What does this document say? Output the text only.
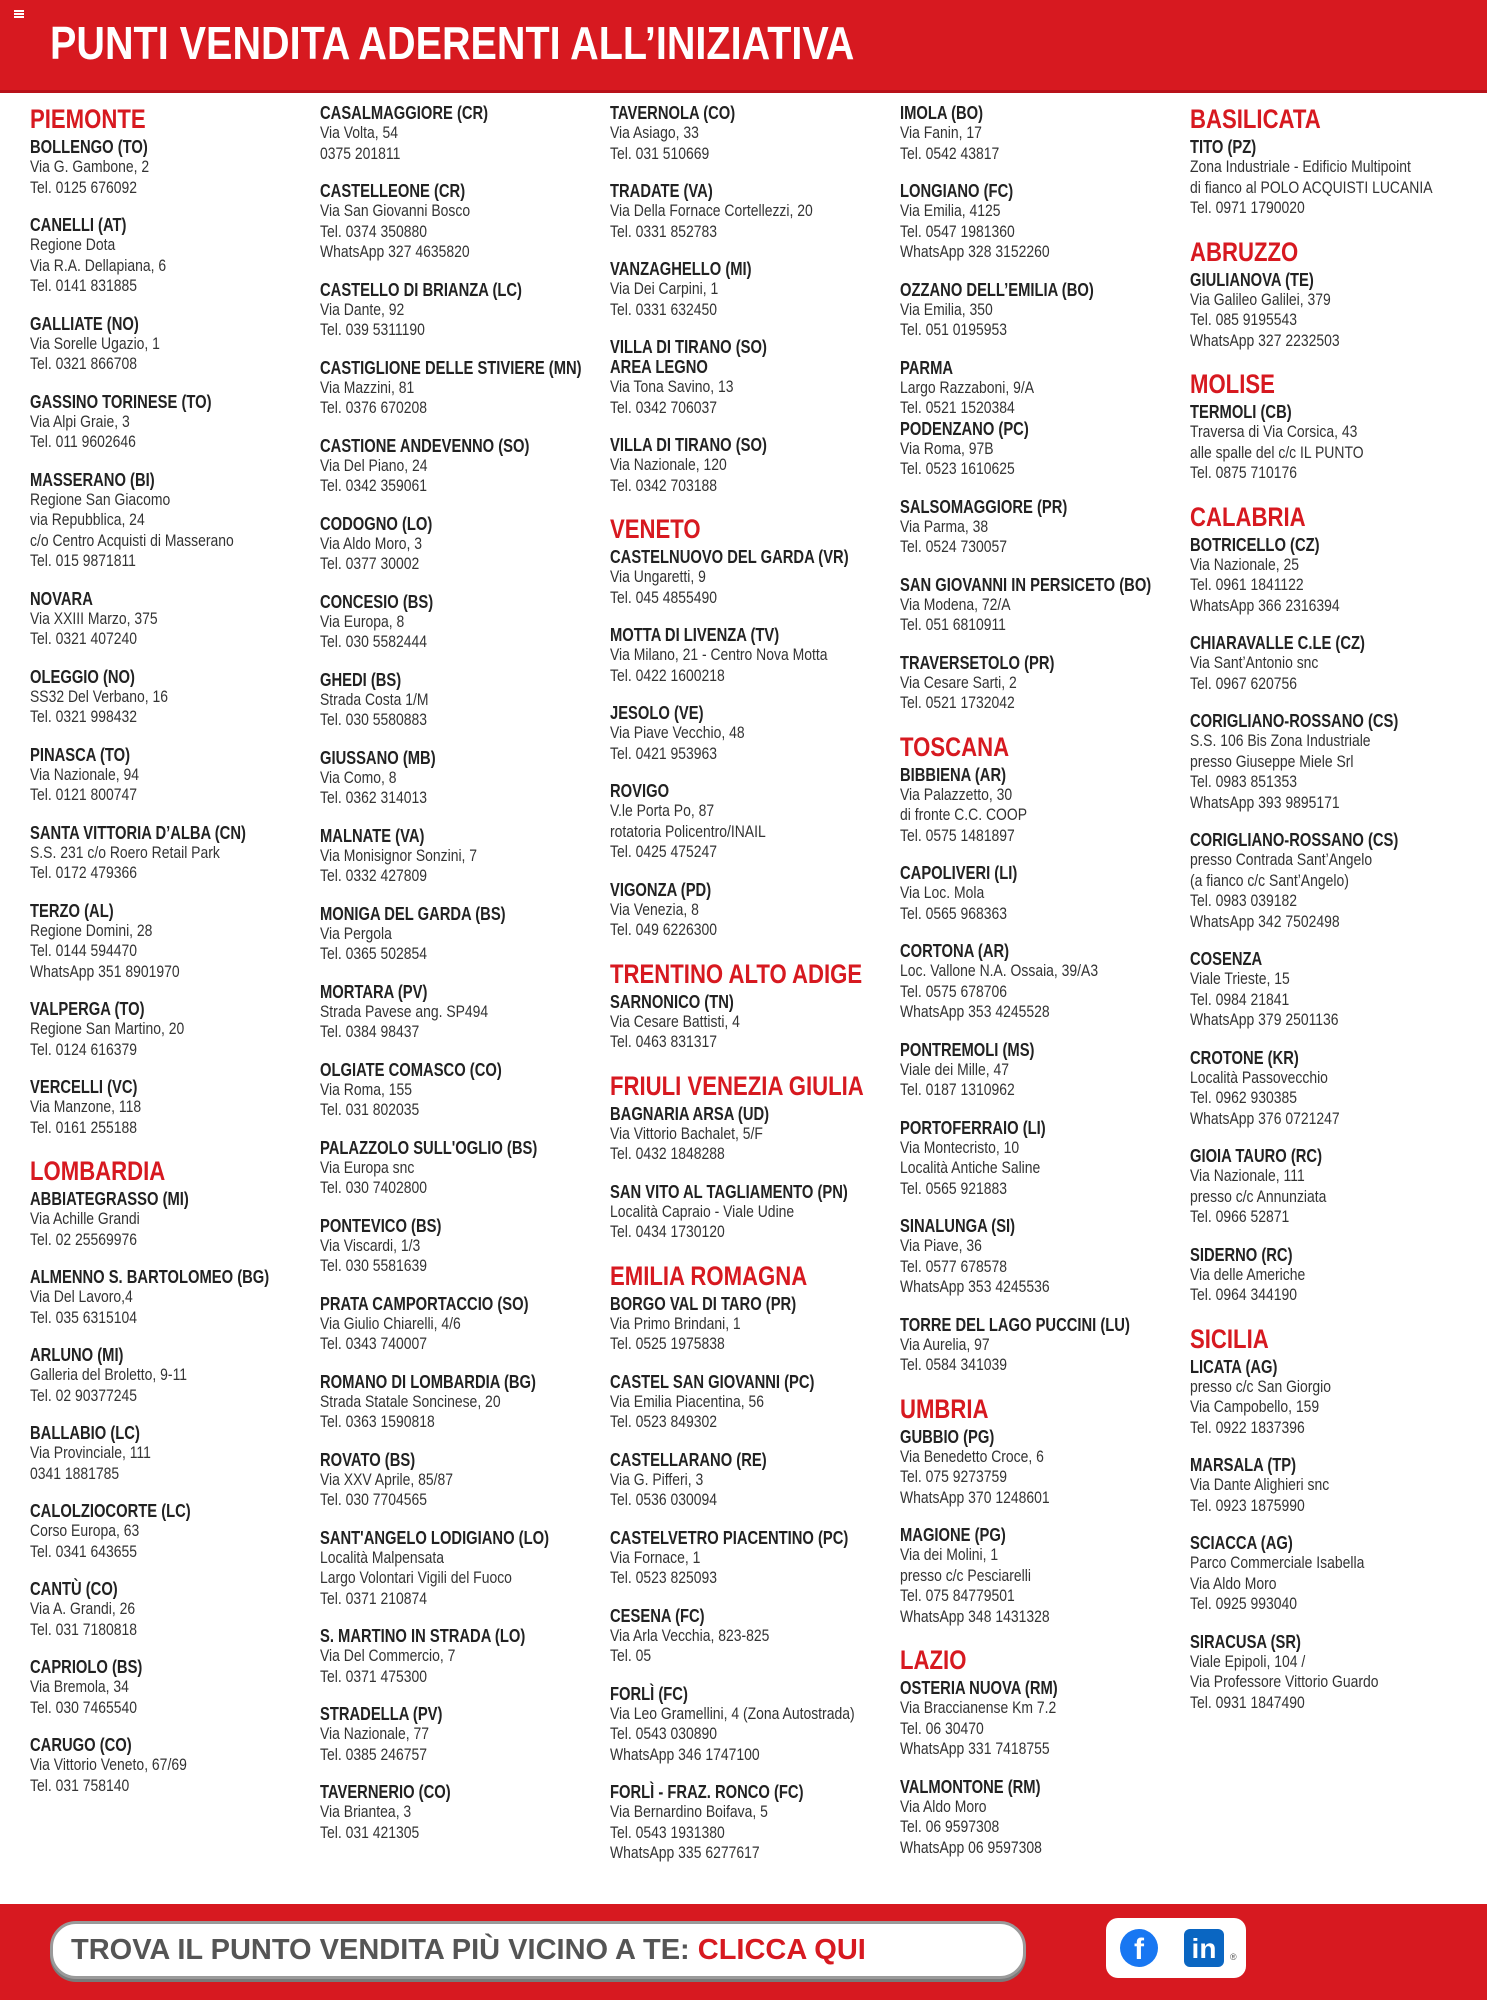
PUNTI VENDITA ADERENTI ALL’INIZIATIVA
PIEMONTE
BOLLENGO (TO)
Via G. Gambone, 2
Tel. 0125 676092
CANELLI (AT)
Regione Dota
Via R.A. Dellapiana, 6
Tel. 0141 831885
GALLIATE (NO)
Via Sorelle Ugazio, 1
Tel. 0321 866708
GASSINO TORINESE (TO)
Via Alpi Graie, 3
Tel. 011 9602646
MASSERANO (BI)
Regione San Giacomo
via Repubblica, 24
c/o Centro Acquisti di Masserano
Tel. 015 9871811
NOVARA
Via XXIII Marzo, 375
Tel. 0321 407240
OLEGGIO (NO)
SS32 Del Verbano, 16
Tel. 0321 998432
PINASCA (TO)
Via Nazionale, 94
Tel. 0121 800747
SANTA VITTORIA D’ALBA (CN)
S.S. 231 c/o Roero Retail Park
Tel. 0172 479366
TERZO (AL)
Regione Domini, 28
Tel. 0144 594470
WhatsApp 351 8901970
VALPERGA (TO)
Regione San Martino, 20
Tel. 0124 616379
VERCELLI (VC)
Via Manzone, 118
Tel. 0161 255188
LOMBARDIA
ABBIATEGRASSO (MI)
Via Achille Grandi
Tel. 02 25569976
ALMENNO S. BARTOLOMEO (BG)
Via Del Lavoro,4
Tel. 035 6315104
ARLUNO (MI)
Galleria del Broletto, 9-11
Tel. 02 90377245
BALLABIO (LC)
Via Provinciale, 111
0341 1881785
CALOLZIOCORTE (LC)
Corso Europa, 63
Tel. 0341 643655
CANTÙ (CO)
Via A. Grandi, 26
Tel. 031 7180818
CAPRIOLO (BS)
Via Bremola, 34
Tel. 030 7465540
CARUGO (CO)
Via Vittorio Veneto, 67/69
Tel. 031 758140
CASALMAGGIORE (CR)
Via Volta, 54
0375 201811
CASTELLEONE (CR)
Via San Giovanni Bosco
Tel. 0374 350880
WhatsApp 327 4635820
CASTELLO DI BRIANZA (LC)
Via Dante, 92
Tel. 039 5311190
CASTIGLIONE DELLE STIVIERE (MN)
Via Mazzini, 81
Tel. 0376 670208
CASTIONE ANDEVENNO (SO)
Via Del Piano, 24
Tel. 0342 359061
CODOGNO (LO)
Via Aldo Moro, 3
Tel. 0377 30002
CONCESIO (BS)
Via Europa, 8
Tel. 030 5582444
GHEDI (BS)
Strada Costa 1/M
Tel. 030 5580883
GIUSSANO (MB)
Via Como, 8
Tel. 0362 314013
MALNATE (VA)
Via Monisignor Sonzini, 7
Tel. 0332 427809
MONIGA DEL GARDA (BS)
Via Pergola
Tel. 0365 502854
MORTARA (PV)
Strada Pavese ang. SP494
Tel. 0384 98437
OLGIATE COMASCO (CO)
Via Roma, 155
Tel. 031 802035
PALAZZOLO SULL'OGLIO (BS)
Via Europa snc
Tel. 030 7402800
PONTEVICO (BS)
Via Viscardi, 1/3
Tel. 030 5581639
PRATA CAMPORTACCIO (SO)
Via Giulio Chiarelli, 4/6
Tel. 0343 740007
ROMANO DI LOMBARDIA (BG)
Strada Statale Soncinese, 20
Tel. 0363 1590818
ROVATO (BS)
Via XXV Aprile, 85/87
Tel. 030 7704565
SANT'ANGELO LODIGIANO (LO)
Località Malpensata
Largo Volontari Vigili del Fuoco
Tel. 0371 210874
S. MARTINO IN STRADA (LO)
Via Del Commercio, 7
Tel. 0371 475300
STRADELLA (PV)
Via Nazionale, 77
Tel. 0385 246757
TAVERNERIO (CO)
Via Briantea, 3
Tel. 031 421305
TAVERNOLA (CO)
Via Asiago, 33
Tel. 031 510669
TRADATE (VA)
Via Della Fornace Cortellezzi, 20
Tel. 0331 852783
VANZAGHELLO (MI)
Via Dei Carpini, 1
Tel. 0331 632450
VILLA DI TIRANO (SO)
AREA LEGNO
Via Tona Savino, 13
Tel. 0342 706037
VILLA DI TIRANO (SO)
Via Nazionale, 120
Tel. 0342 703188
VENETO
CASTELNUOVO DEL GARDA (VR)
Via Ungaretti, 9
Tel. 045 4855490
MOTTA DI LIVENZA (TV)
Via Milano, 21 - Centro Nova Motta
Tel. 0422 1600218
JESOLO (VE)
Via Piave Vecchio, 48
Tel. 0421 953963
ROVIGO
V.le Porta Po, 87
rotatoria Policentro/INAIL
Tel. 0425 475247
VIGONZA (PD)
Via Venezia, 8
Tel. 049 6226300
TRENTINO ALTO ADIGE
SARNONICO (TN)
Via Cesare Battisti, 4
Tel. 0463 831317
FRIULI VENEZIA GIULIA
BAGNARIA ARSA (UD)
Via Vittorio Bachalet, 5/F
Tel. 0432 1848288
SAN VITO AL TAGLIAMENTO (PN)
Località Capraio - Viale Udine
Tel. 0434 1730120
EMILIA ROMAGNA
BORGO VAL DI TARO (PR)
Via Primo Brindani, 1
Tel. 0525 1975838
CASTEL SAN GIOVANNI (PC)
Via Emilia Piacentina, 56
Tel. 0523 849302
CASTELLARANO (RE)
Via G. Pifferi, 3
Tel. 0536 030094
CASTELVETRO PIACENTINO (PC)
Via Fornace, 1
Tel. 0523 825093
CESENA (FC)
Via Arla Vecchia, 823-825
Tel. 05
FORLÌ (FC)
Via Leo Gramellini, 4 (Zona Autostrada)
Tel. 0543 030890
WhatsApp 346 1747100
FORLÌ - FRAZ. RONCO (FC)
Via Bernardino Boifava, 5
Tel. 0543 1931380
WhatsApp 335 6277617
IMOLA (BO)
Via Fanin, 17
Tel. 0542 43817
LONGIANO (FC)
Via Emilia, 4125
Tel. 0547 1981360
WhatsApp 328 3152260
OZZANO DELL’EMILIA (BO)
Via Emilia, 350
Tel. 051 0195953
PARMA
Largo Razzaboni, 9/A
Tel. 0521 1520384
PODENZANO (PC)
Via Roma, 97B
Tel. 0523 1610625
SALSOMAGGIORE (PR)
Via Parma, 38
Tel. 0524 730057
SAN GIOVANNI IN PERSICETO (BO)
Via Modena, 72/A
Tel. 051 6810911
TRAVERSETOLO (PR)
Via Cesare Sarti, 2
Tel. 0521 1732042
TOSCANA
BIBBIENA (AR)
Via Palazzetto, 30
di fronte C.C. COOP
Tel. 0575 1481897
CAPOLIVERI (LI)
Via Loc. Mola
Tel. 0565 968363
CORTONA (AR)
Loc. Vallone N.A. Ossaia, 39/A3
Tel. 0575 678706
WhatsApp 353 4245528
PONTREMOLI (MS)
Viale dei Mille, 47
Tel. 0187 1310962
PORTOFERRAIO (LI)
Via Montecristo, 10
Località Antiche Saline
Tel. 0565 921883
SINALUNGA (SI)
Via Piave, 36
Tel. 0577 678578
WhatsApp 353 4245536
TORRE DEL LAGO PUCCINI (LU)
Via Aurelia, 97
Tel. 0584 341039
UMBRIA
GUBBIO (PG)
Via Benedetto Croce, 6
Tel. 075 9273759
WhatsApp 370 1248601
MAGIONE (PG)
Via dei Molini, 1
presso c/c Pesciarelli
Tel. 075 84779501
WhatsApp 348 1431328
LAZIO
OSTERIA NUOVA (RM)
Via Braccianense Km 7.2
Tel. 06 30470
WhatsApp 331 7418755
VALMONTONE (RM)
Via Aldo Moro
Tel. 06 9597308
WhatsApp 06 9597308
BASILICATA
TITO (PZ)
Zona Industriale - Edificio Multipoint
di fianco al POLO ACQUISTI LUCANIA
Tel. 0971 1790020
ABRUZZO
GIULIANOVA (TE)
Via Galileo Galilei, 379
Tel. 085 9195543
WhatsApp 327 2232503
MOLISE
TERMOLI (CB)
Traversa di Via Corsica, 43
alle spalle del c/c IL PUNTO
Tel. 0875 710176
CALABRIA
BOTRICELLO (CZ)
Via Nazionale, 25
Tel. 0961 1841122
WhatsApp 366 2316394
CHIARAVALLE C.LE (CZ)
Via Sant’Antonio snc
Tel. 0967 620756
CORIGLIANO-ROSSANO (CS)
S.S. 106 Bis Zona Industriale
presso Giuseppe Miele Srl
Tel. 0983 851353
WhatsApp 393 9895171
CORIGLIANO-ROSSANO (CS)
presso Contrada Sant’Angelo
(a fianco c/c Sant’Angelo)
Tel. 0983 039182
WhatsApp 342 7502498
COSENZA
Viale Trieste, 15
Tel. 0984 21841
WhatsApp 379 2501136
CROTONE (KR)
Località Passovecchio
Tel. 0962 930385
WhatsApp 376 0721247
GIOIA TAURO (RC)
Via Nazionale, 111
presso c/c Annunziata
Tel. 0966 52871
SIDERNO (RC)
Via delle Americhe
Tel. 0964 344190
SICILIA
LICATA (AG)
presso c/c San Giorgio
Via Campobello, 159
Tel. 0922 1837396
MARSALA (TP)
Via Dante Alighieri snc
Tel. 0923 1875990
SCIACCA (AG)
Parco Commerciale Isabella
Via Aldo Moro
Tel. 0925 993040
SIRACUSA (SR)
Viale Epipoli, 104 /
Via Professore Vittorio Guardo
Tel. 0931 1847490
TROVA IL PUNTO VENDITA PIÙ VICINO A TE: CLICCA QUI	f	in	®
